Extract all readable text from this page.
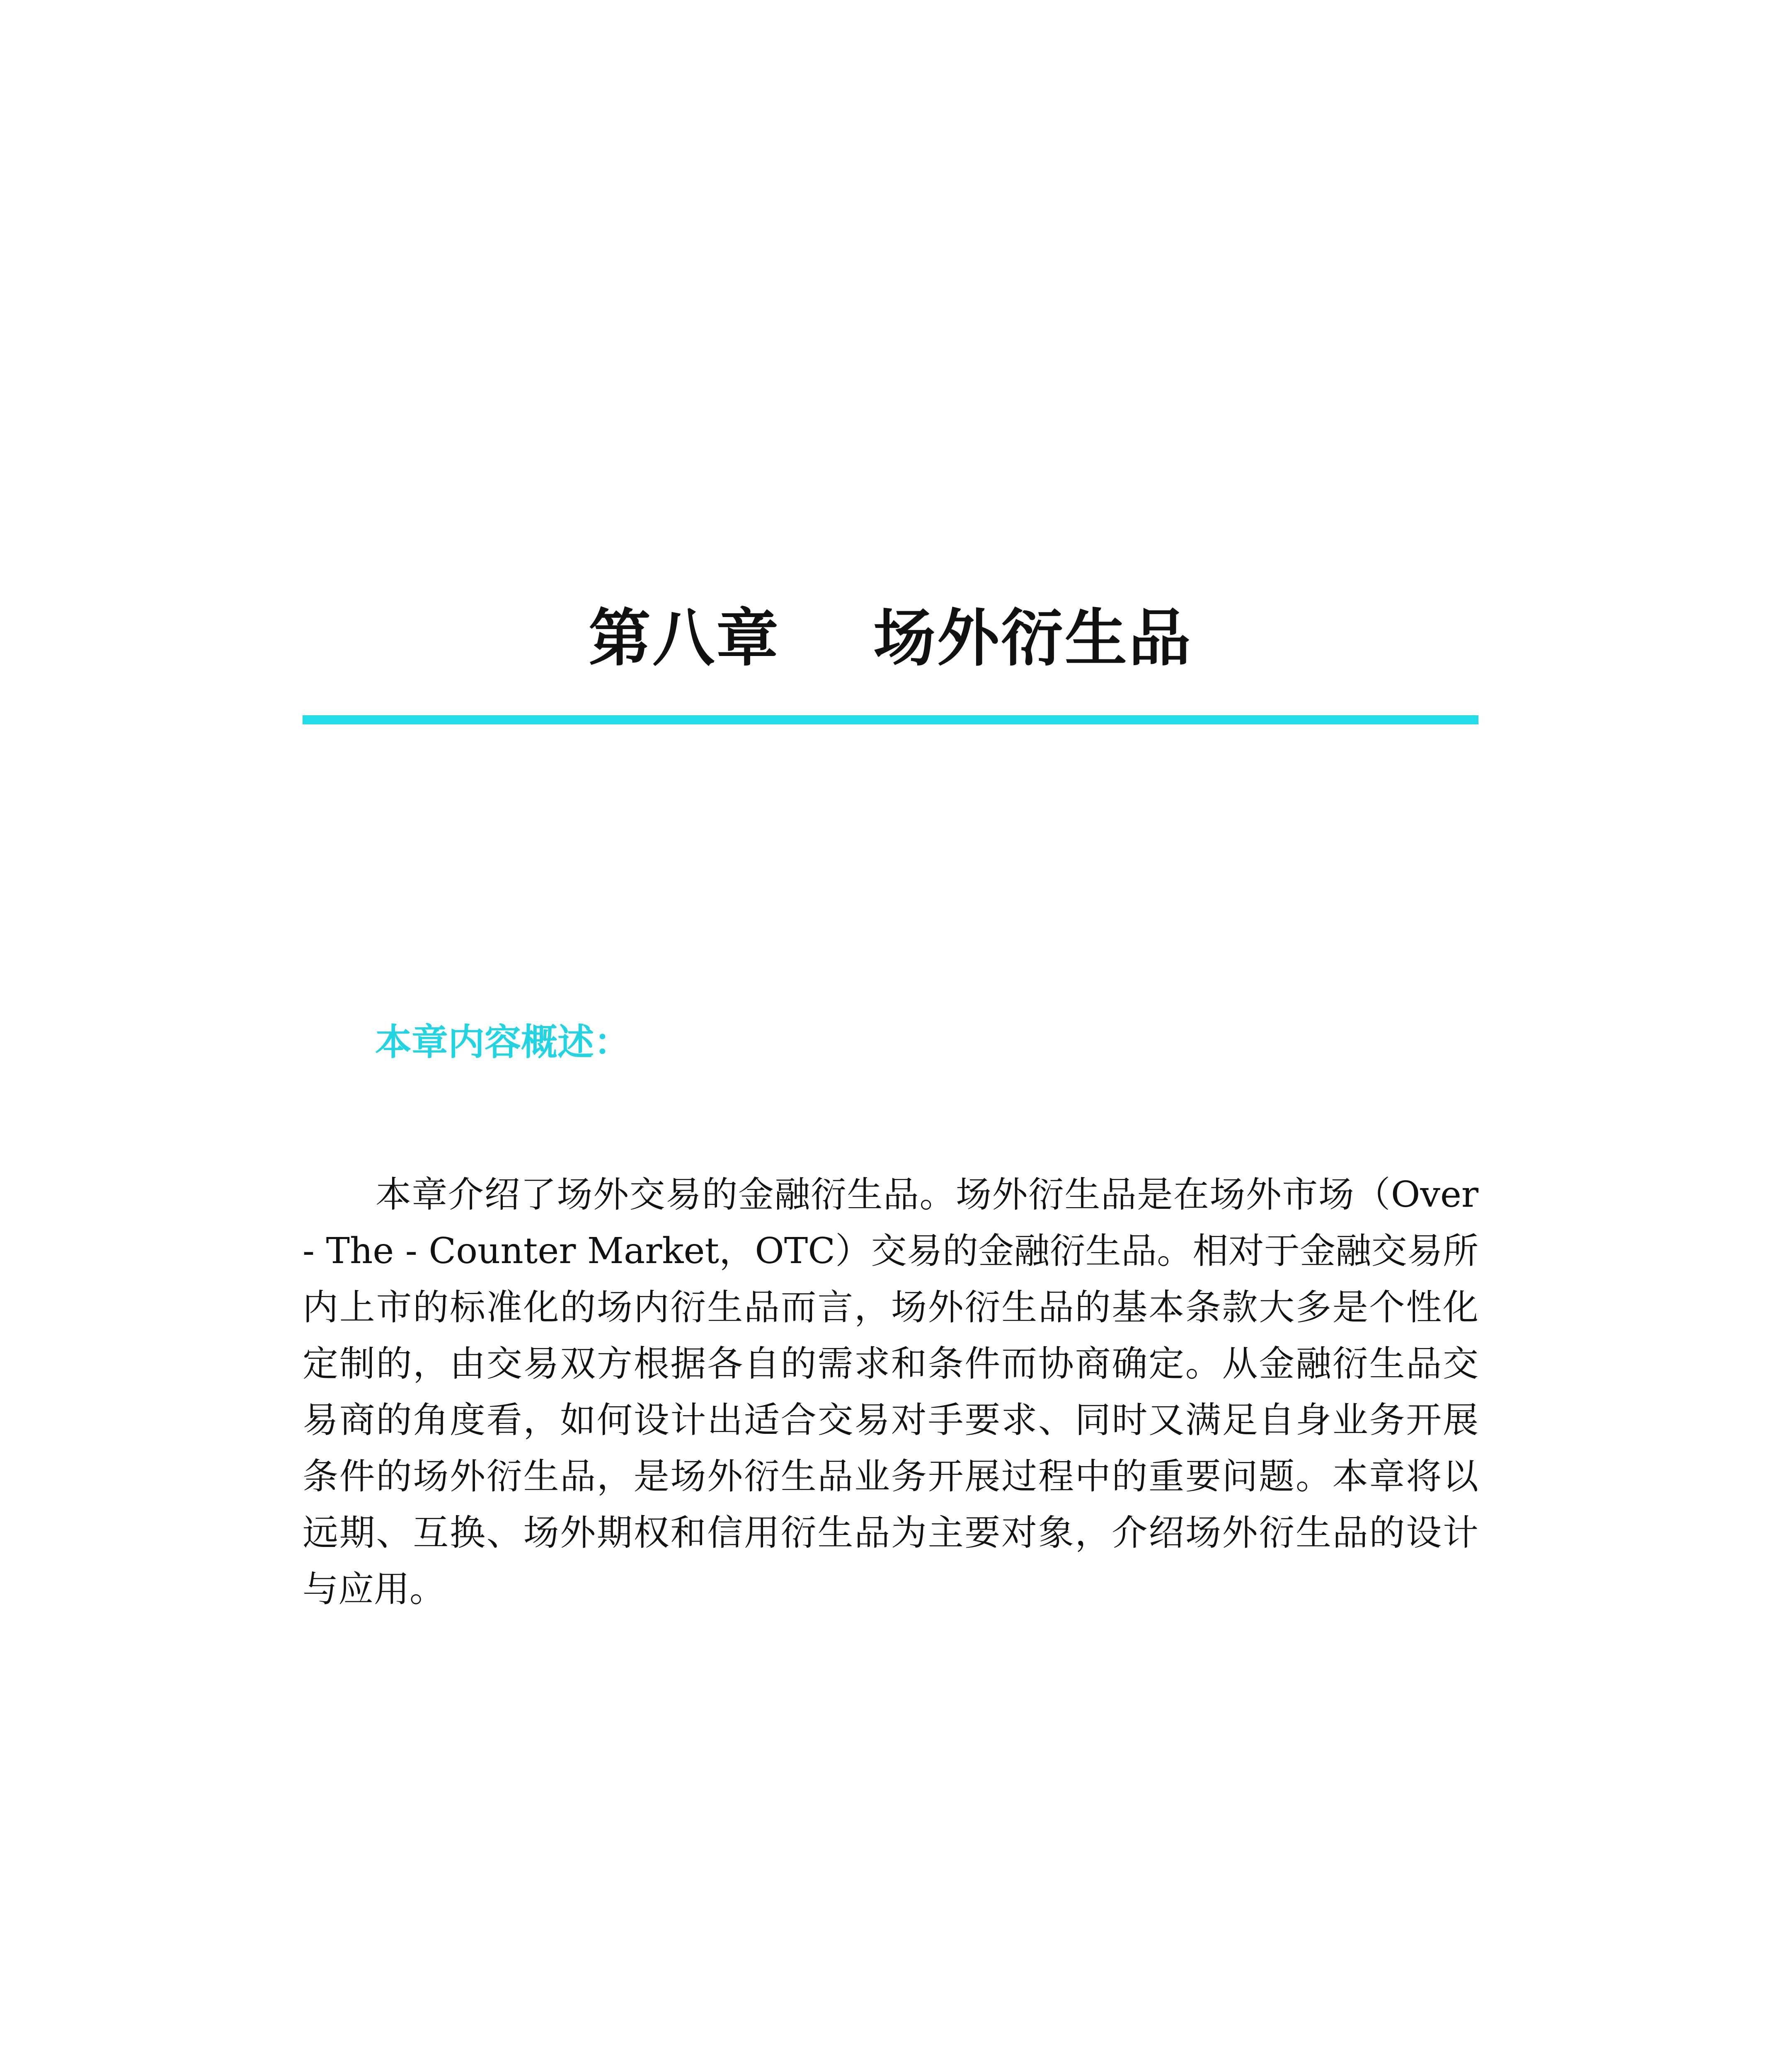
第八章    场外衍生品
本章内容概述：

本章介绍了场外交易的金融衍生品。场外衍生品是在场外市场（Over - The - Counter Market，OTC）交易的金融衍生品。相对于金融交易所内上市的标准化的场内衍生品而言，场外衍生品的基本条款大多是个性化定制的，由交易双方根据各自的需求和条件而协商确定。从金融衍生品交易商的角度看，如何设计出适合交易对手要求、同时又满足自身业务开展条件的场外衍生品，是场外衍生品业务开展过程中的重要问题。本章将以远期、互换、场外期权和信用衍生品为主要对象，介绍场外衍生品的设计与应用。
